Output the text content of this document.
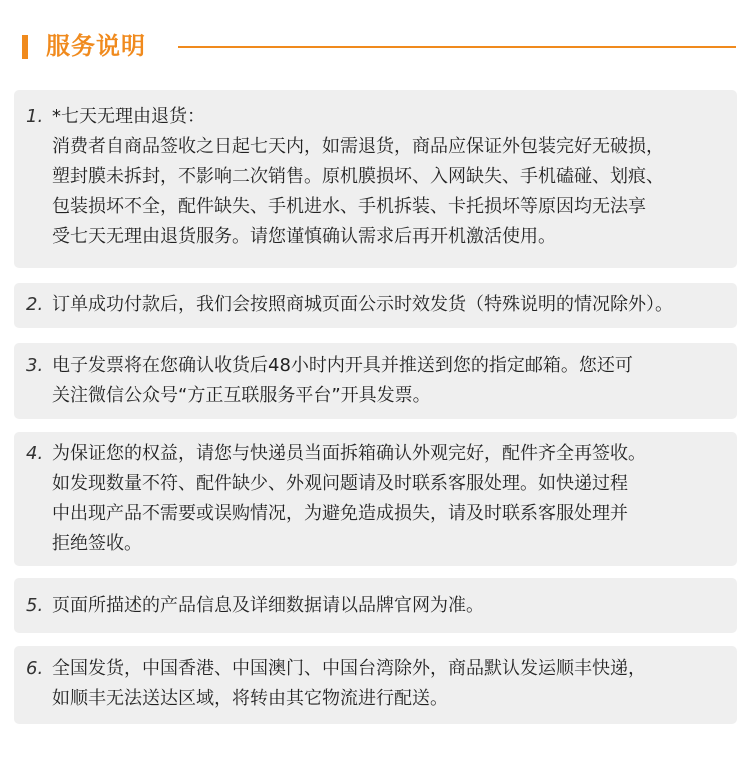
服务说明
1. *七天无理由退货：

消费者自商品签收之日起七天内，如需退货，商品应保证外包装完好无破损，

塑封膜未拆封，不影响二次销售。原机膜损坏、入网缺失、手机磕碰、划痕、

包装损坏不全，配件缺失、手机进水、手机拆装、卡托损坏等原因均无法享

受七天无理由退货服务。请您谨慎确认需求后再开机激活使用。

2. 订单成功付款后，我们会按照商城页面公示时效发货（特殊说明的情况除外）。

3. 电子发票将在您确认收货后48小时内开具并推送到您的指定邮箱。您还可

关注微信公众号“方正互联服务平台”开具发票。

4. 为保证您的权益，请您与快递员当面拆箱确认外观完好，配件齐全再签收。

如发现数量不符、配件缺少、外观问题请及时联系客服处理。如快递过程

中出现产品不需要或误购情况，为避免造成损失，请及时联系客服处理并

拒绝签收。

5. 页面所描述的产品信息及详细数据请以品牌官网为准。

6. 全国发货，中国香港、中国澳门、中国台湾除外，商品默认发运顺丰快递，

如顺丰无法送达区域，将转由其它物流进行配送。
